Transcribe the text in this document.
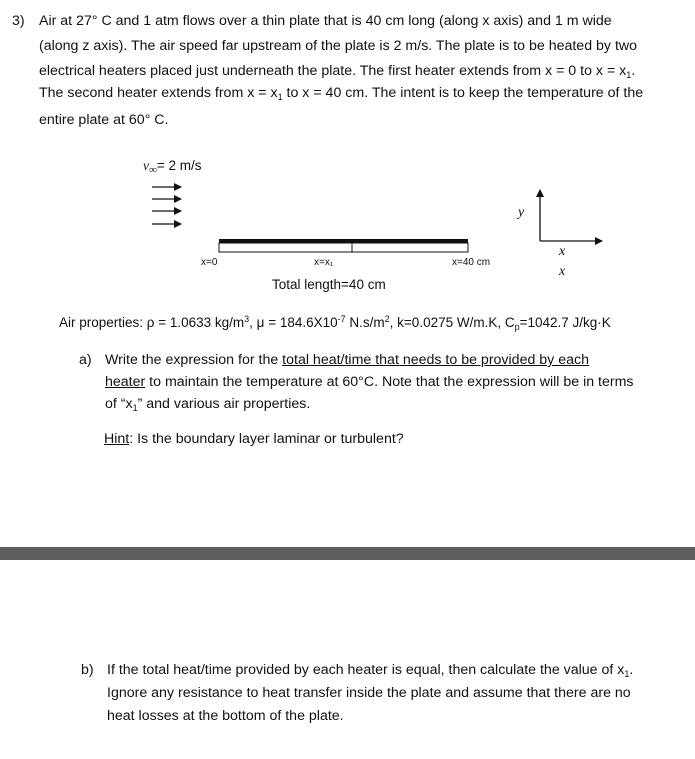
3) Air at 27° C and 1 atm flows over a thin plate that is 40 cm long (along x axis) and 1 m wide
(along z axis). The air speed far upstream of the plate is 2 m/s. The plate is to be heated by two
electrical heaters placed just underneath the plate. The first heater extends from x = 0 to $x = x_1$.
The second heater extends from $x = x_1$ to x = 40 cm. The intent is to keep the temperature of the
entire plate at 60° C.
$v_\infty= 2$ m/s
x=0	x=x₁	x=40 cm
Total length=40 cm
y
x
x
Air properties: ρ = 1.0633 $kg/m^3$, $\mu = 184.6X10^{-7}$ $N.s/m^2$, k=0.0275 W/m.K, $C_p=1042.7$ J/kg·K
a) Write the expression for the total heat/time that needs to be provided by each
heater to maintain the temperature at 60°C. Note that the expression will be in terms
of “$x_1$” and various air properties.
Hint: Is the boundary layer laminar or turbulent?
b) If the total heat/time provided by each heater is equal, then calculate the value of $x_1$.
Ignore any resistance to heat transfer inside the plate and assume that there are no
heat losses at the bottom of the plate.
